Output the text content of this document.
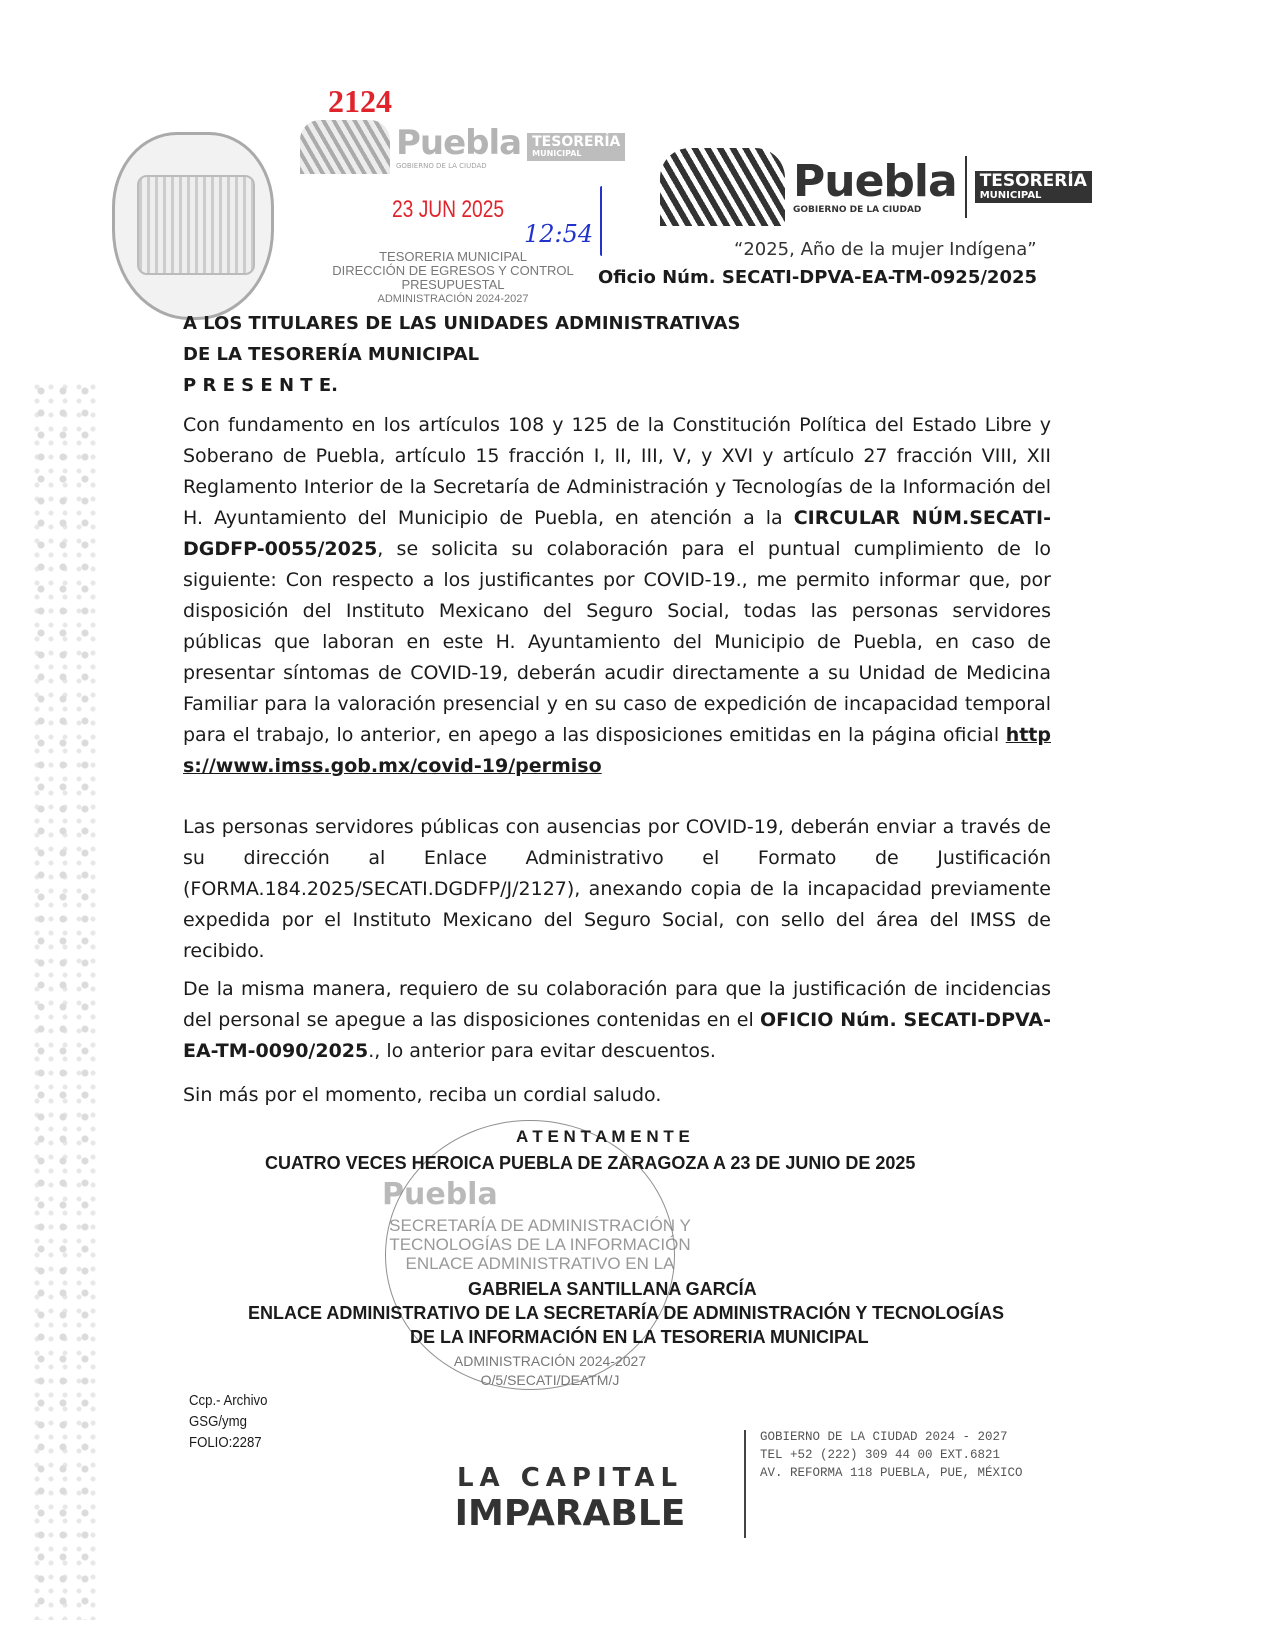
2124
Puebla
GOBIERNO DE LA CIUDAD
TESORERÍA
MUNICIPAL
23 JUN 2025
12:54
TESORERIA MUNICIPAL
DIRECCIÓN DE EGRESOS Y CONTROL
PRESUPUESTAL
ADMINISTRACIÓN 2024-2027
Puebla
GOBIERNO DE LA CIUDAD
TESORERÍA
MUNICIPAL
“2025, Año de la mujer Indígena”
Oficio Núm. SECATI-DPVA-EA-TM-0925/2025
A LOS TITULARES DE LAS UNIDADES ADMINISTRATIVAS
DE LA TESORERÍA MUNICIPAL
P R E S E N T E.
Con fundamento en los artículos 108 y 125 de la Constitución Política del Estado Libre y Soberano de Puebla, artículo 15 fracción I, II, III, V, y XVI y artículo 27 fracción VIII, XII Reglamento Interior de la Secretaría de Administración y Tecnologías de la Información del H. Ayuntamiento del Municipio de Puebla, en atención a la CIRCULAR NÚM.SECATI-DGDFP-0055/2025, se solicita su colaboración para el puntual cumplimiento de lo siguiente: Con respecto a los justificantes por COVID-19., me permito informar que, por disposición del Instituto Mexicano del Seguro Social, todas las personas servidores públicas que laboran en este H. Ayuntamiento del Municipio de Puebla, en caso de presentar síntomas de COVID-19, deberán acudir directamente a su Unidad de Medicina Familiar para la valoración presencial y en su caso de expedición de incapacidad temporal para el trabajo, lo anterior, en apego a las disposiciones emitidas en la página oficial https://www.imss.gob.mx/covid-19/permiso
Las personas servidores públicas con ausencias por COVID-19, deberán enviar a través de su dirección al Enlace Administrativo el Formato de Justificación (FORMA.184.2025/SECATI.DGDFP/J/2127), anexando copia de la incapacidad previamente expedida por el Instituto Mexicano del Seguro Social, con sello del área del IMSS de recibido.
De la misma manera, requiero de su colaboración para que la justificación de incidencias del personal se apegue a las disposiciones contenidas en el OFICIO Núm. SECATI-DPVA-EA-TM-0090/2025., lo anterior para evitar descuentos.
Sin más por el momento, reciba un cordial saludo.
A T E N T A M E N T E
CUATRO VECES HEROICA PUEBLA DE ZARAGOZA A 23 DE JUNIO DE 2025
Puebla
SECRETARÍA DE ADMINISTRACIÓN Y
TECNOLOGÍAS DE LA INFORMACIÓN
ENLACE ADMINISTRATIVO EN LA
GABRIELA SANTILLANA GARCÍA
ENLACE ADMINISTRATIVO DE LA SECRETARÍA DE ADMINISTRACIÓN Y TECNOLOGÍAS
DE LA INFORMACIÓN EN LA TESORERIA MUNICIPAL
ADMINISTRACIÓN 2024-2027
O/5/SECATI/DEATM/J
Ccp.- Archivo
GSG/ymg
FOLIO:2287
LA CAPITAL
IMPARABLE
GOBIERNO DE LA CIUDAD 2024 - 2027
TEL +52 (222) 309 44 00 EXT.6821
AV. REFORMA 118 PUEBLA, PUE, MÉXICO
